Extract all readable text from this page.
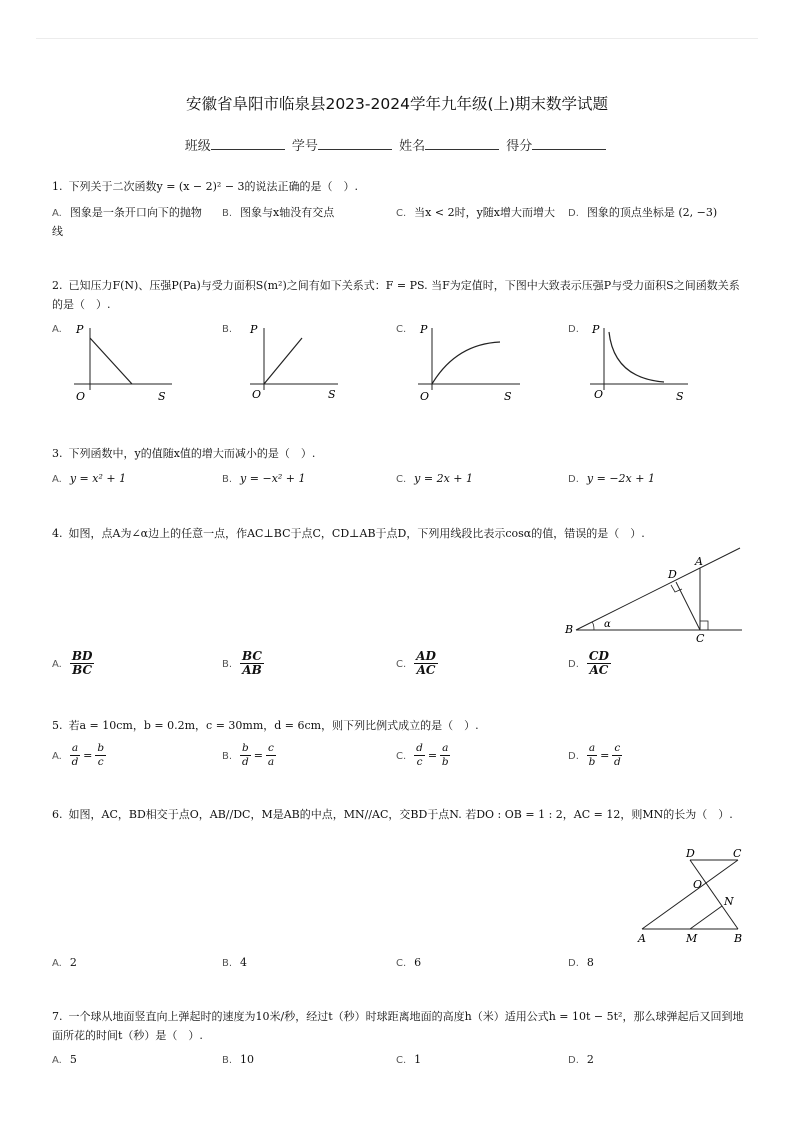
安徽省阜阳市临泉县2023-2024学年九年级(上)期末数学试题
班级	学号	姓名	得分
1. 下列关于二次函数y = (x − 2)² − 3的说法正确的是（　）.
A. 图象是一条开口向下的抛物线
B. 图象与x轴没有交点	C. 当x < 2时，y随x增大而增大	D. 图象的顶点坐标是 (2, −3)
2. 已知压力F(N)、压强P(Pa)与受力面积S(m²)之间有如下关系式：F = PS. 当F为定值时，下图中大致表示压强P与受力面积S之间函数关系的是（　）.
A.	P
O	S
B.	P
O	S
C.	P
O	S
D.	P
O	S
3. 下列函数中，y的值随x值的增大而减小的是（　）.
A. y = x² + 1	B. y = −x² + 1	C. y = 2x + 1	D. y = −2x + 1
4. 如图，点A为∠α边上的任意一点，作AC⊥BC于点C，CD⊥AB于点D，下列用线段比表示cosα的值，错误的是（　）.
B
A
C
D
α
A. $\frac{BD}{BC}$	B. $\frac{BC}{AB}$	C. $\frac{AD}{AC}$	D. $\frac{CD}{AC}$
5. 若a = 10cm，b = 0.2m，c = 30mm，d = 6cm，则下列比例式成立的是（　）.
A. $\frac{a}{d} = \frac{b}{c}$	B. $\frac{b}{d} = \frac{c}{a}$	C. $\frac{d}{c} = \frac{a}{b}$	D. $\frac{a}{b} = \frac{c}{d}$
6. 如图，AC，BD相交于点O，AB//DC，M是AB的中点，MN//AC，交BD于点N. 若DO : OB = 1 : 2，AC = 12，则MN的长为（　）.
D	C
O
N
A	M	B
A. 2	B. 4	C. 6	D. 8
7. 一个球从地面竖直向上弹起时的速度为10米/秒，经过t（秒）时球距离地面的高度h（米）适用公式h = 10t − 5t²，那么球弹起后又回到地面所花的时间t（秒）是（　）.
A. 5	B. 10	C. 1	D. 2
